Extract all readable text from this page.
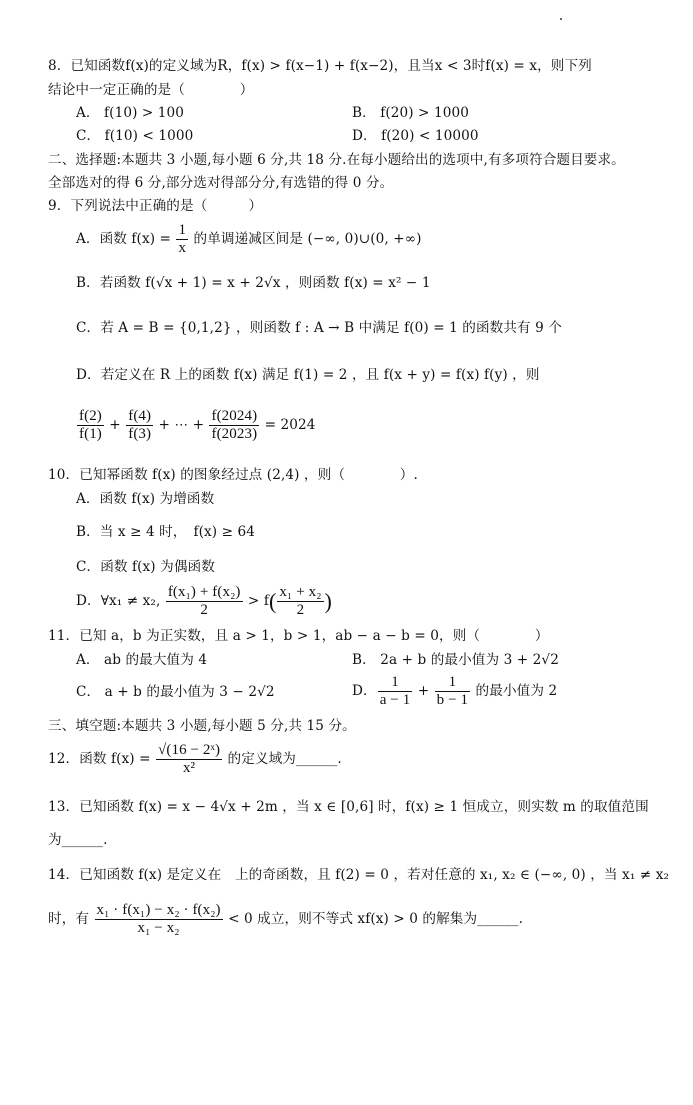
8．已知函数f(x)的定义域为R，f(x) > f(x−1) + f(x−2)，且当x < 3时f(x) = x，则下列
结论中一定正确的是（　　　　）
A． f(10) > 100	B． f(20) > 1000
C． f(10) < 1000	D． f(20) < 10000
二、选择题:本题共 3 小题,每小题 6 分,共 18 分.在每小题给出的选项中,有多项符合题目要求。
全部选对的得 6 分,部分选对得部分分,有选错的得 0 分。
9．下列说法中正确的是（　　　）
A．函数 $f(x) = \frac{1}{x}$ 的单调递减区间是 (−∞, 0)∪(0, +∞)
B．若函数 f(√x + 1) = x + 2√x ，则函数 f(x) = x² − 1
C．若 A = B = {0,1,2} ，则函数 f : A → B 中满足 f(0) = 1 的函数共有 9 个
D．若定义在 R 上的函数 f(x) 满足 f(1) = 2 ，且 f(x + y) = f(x) f(y) ，则
$\frac{f(2)}{f(1)} + \frac{f(4)}{f(3)}$ + ⋯ + $\frac{f(2024)}{f(2023)} = 2024$
10．已知幂函数 f(x) 的图象经过点 (2,4) ，则（　　　　）.
A．函数 f(x) 为增函数
B．当 x ≥ 4 时，　f(x) ≥ 64
C．函数 f(x) 为偶函数
D．∀x₁ ≠ x₂, $\frac{\text{f(x₁) + f(x₂)}}{2} > f( \frac{\text{x₁ + x₂}}{2}$ )
11．已知 a，b 为正实数，且 a > 1，b > 1，ab − a − b = 0，则（　　　　）
A． ab 的最大值为 4	B． 2a + b 的最小值为 3 + 2√2
C． a + b 的最小值为 3 − 2√2	D． $\frac{1}{a - 1} + \frac{1}{b - 1}$ 的最小值为 2
三、填空题:本题共 3 小题,每小题 5 分,共 15 分。
12．函数 $f(x) = \frac{\text{√(16 − 2ˣ)}}{\text{x²}}$ 的定义域为______.
13．已知函数 f(x) = x − 4√x + 2m ，当 x ∈ [0,6] 时，f(x) ≥ 1 恒成立，则实数 m 的取值范围
为______.
14．已知函数 f(x) 是定义在　上的奇函数，且 f(2) = 0 ，若对任意的 x₁, x₂ ∈ (−∞, 0) ，当 x₁ ≠ x₂
时，有 $\frac{\text{x₁ · f(x₁) − x₂ · f(x₂)}}{\text{x₁ − x₂}} < 0$ 成立，则不等式 xf(x) > 0 的解集为______.
